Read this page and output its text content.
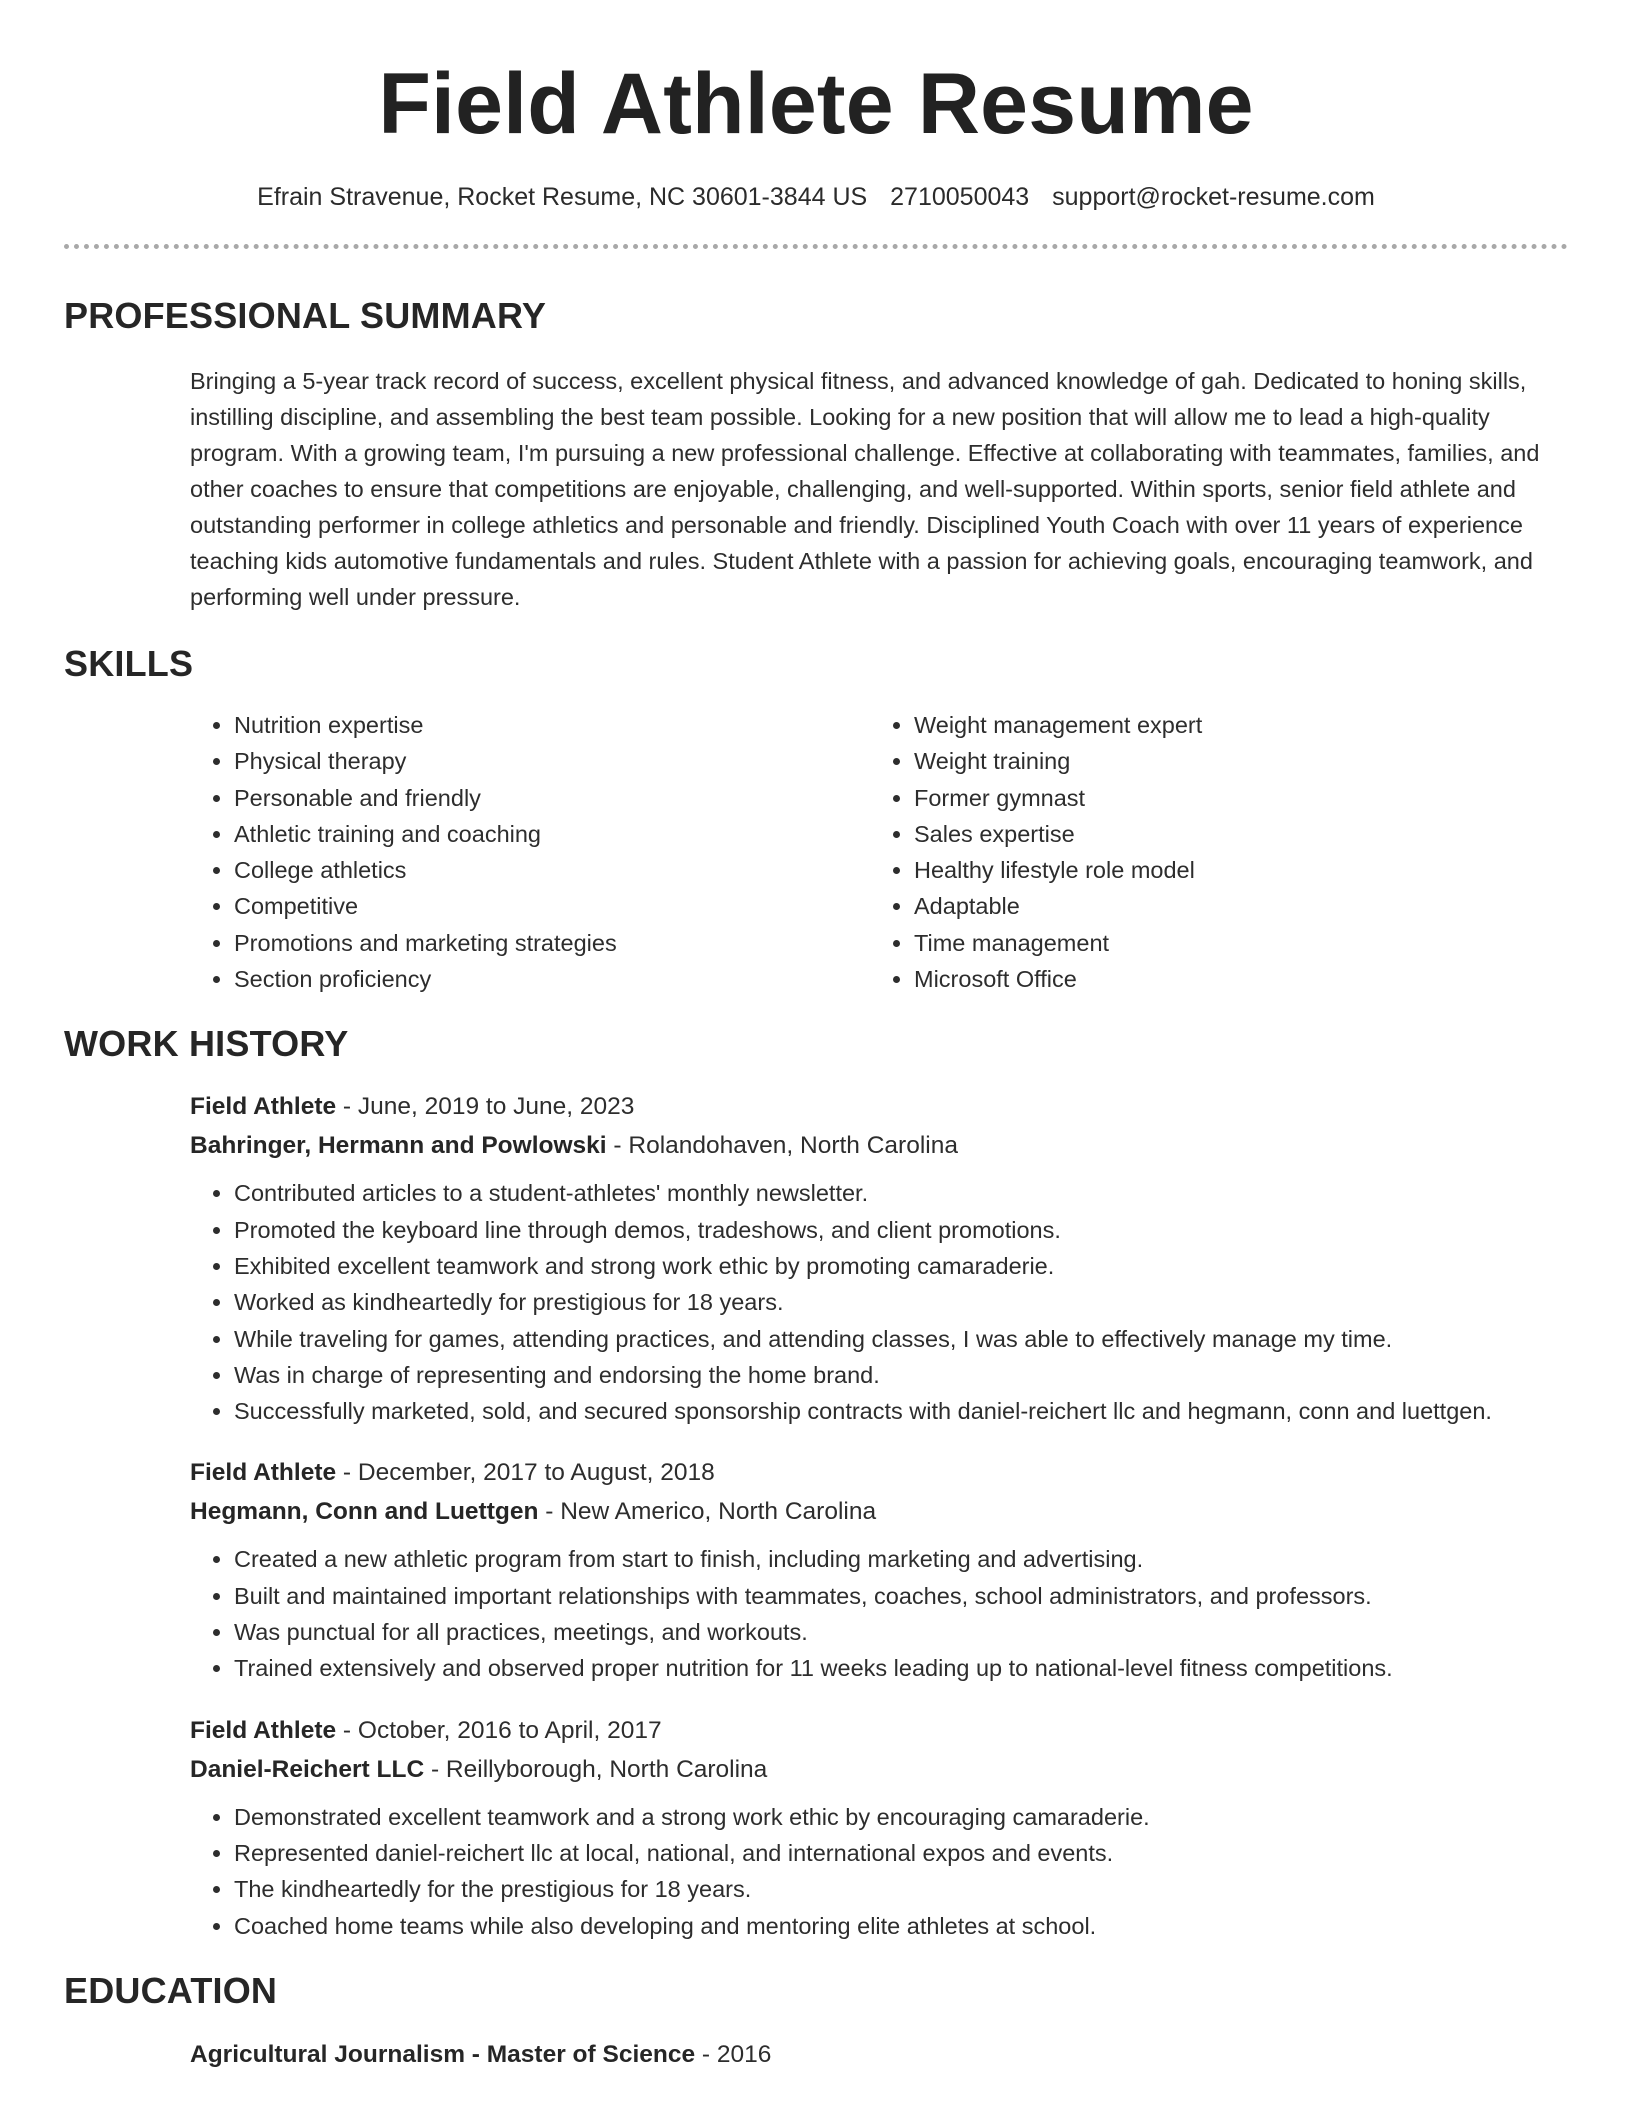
Field Athlete Resume
Efrain Stravenue, Rocket Resume, NC 30601-3844 US 2710050043 support@rocket-resume.com
PROFESSIONAL SUMMARY

Bringing a 5-year track record of success, excellent physical fitness, and advanced knowledge of gah. Dedicated to honing skills, instilling discipline, and assembling the best team possible. Looking for a new position that will allow me to lead a high-quality program. With a growing team, I'm pursuing a new professional challenge. Effective at collaborating with teammates, families, and other coaches to ensure that competitions are enjoyable, challenging, and well-supported. Within sports, senior field athlete and outstanding performer in college athletics and personable and friendly. Disciplined Youth Coach with over 11 years of experience teaching kids automotive fundamentals and rules. Student Athlete with a passion for achieving goals, encouraging teamwork, and performing well under pressure.

SKILLS
• Nutrition expertise
• Physical therapy
• Personable and friendly
• Athletic training and coaching
• College athletics
• Competitive
• Promotions and marketing strategies
• Section proficiency
• Weight management expert
• Weight training
• Former gymnast
• Sales expertise
• Healthy lifestyle role model
• Adaptable
• Time management
• Microsoft Office
WORK HISTORY
Field Athlete - June, 2019 to June, 2023
Bahringer, Hermann and Powlowski - Rolandohaven, North Carolina
• Contributed articles to a student-athletes' monthly newsletter.
• Promoted the keyboard line through demos, tradeshows, and client promotions.
• Exhibited excellent teamwork and strong work ethic by promoting camaraderie.
• Worked as kindheartedly for prestigious for 18 years.
• While traveling for games, attending practices, and attending classes, I was able to effectively manage my time.
• Was in charge of representing and endorsing the home brand.
• Successfully marketed, sold, and secured sponsorship contracts with daniel-reichert llc and hegmann, conn and luettgen.
Field Athlete - December, 2017 to August, 2018
Hegmann, Conn and Luettgen - New Americo, North Carolina
• Created a new athletic program from start to finish, including marketing and advertising.
• Built and maintained important relationships with teammates, coaches, school administrators, and professors.
• Was punctual for all practices, meetings, and workouts.
• Trained extensively and observed proper nutrition for 11 weeks leading up to national-level fitness competitions.
Field Athlete - October, 2016 to April, 2017
Daniel-Reichert LLC - Reillyborough, North Carolina
• Demonstrated excellent teamwork and a strong work ethic by encouraging camaraderie.
• Represented daniel-reichert llc at local, national, and international expos and events.
• The kindheartedly for the prestigious for 18 years.
• Coached home teams while also developing and mentoring elite athletes at school.
EDUCATION
Agricultural Journalism - Master of Science - 2016
